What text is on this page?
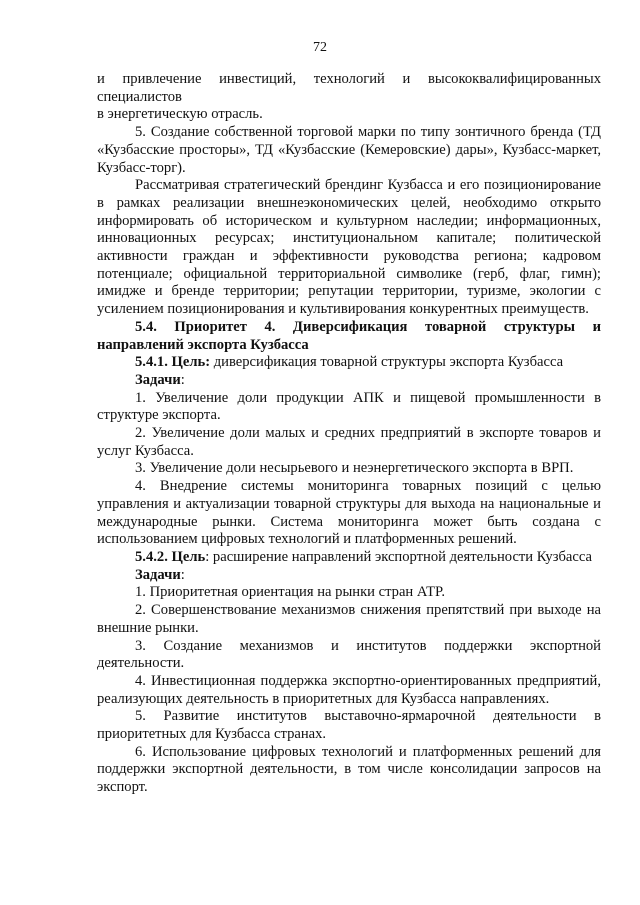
72

и привлечение инвестиций, технологий и высококвалифицированных

специалистов

в энергетическую отрасль.

5. Создание собственной торговой марки по типу зонтичного бренда (ТД «Кузбасские просторы», ТД «Кузбасские (Кемеровские) дары», Кузбасс-маркет, Кузбасс-торг).

Рассматривая стратегический брендинг Кузбасса и его позиционирование в рамках реализации внешнеэкономических целей, необходимо открыто информировать об историческом и культурном наследии; информационных, инновационных ресурсах; институциональном капитале; политической активности граждан и эффективности руководства региона; кадровом потенциале; официальной территориальной символике (герб, флаг, гимн); имидже и бренде территории; репутации территории, туризме, экологии с усилением позиционирования и культивирования конкурентных преимуществ.

5.4. Приоритет 4. Диверсификация товарной структуры и направлений экспорта Кузбасса

5.4.1. Цель: диверсификация товарной структуры экспорта Кузбасса

Задачи:

1. Увеличение доли продукции АПК и пищевой промышленности в структуре экспорта.

2. Увеличение доли малых и средних предприятий в экспорте товаров и услуг Кузбасса.

3. Увеличение доли несырьевого и неэнергетического экспорта в ВРП.

4. Внедрение системы мониторинга товарных позиций с целью управления и актуализации товарной структуры для выхода на национальные и международные рынки. Система мониторинга может быть создана с использованием цифровых технологий и платформенных решений.

5.4.2. Цель: расширение направлений экспортной деятельности Кузбасса

Задачи:

1. Приоритетная ориентация на рынки стран АТР.

2. Совершенствование механизмов снижения препятствий при выходе на внешние рынки.

3. Создание механизмов и институтов поддержки экспортной деятельности.

4. Инвестиционная поддержка экспортно-ориентированных предприятий, реализующих деятельность в приоритетных для Кузбасса направлениях.

5. Развитие институтов выставочно-ярмарочной деятельности в приоритетных для Кузбасса странах.

6. Использование цифровых технологий и платформенных решений для поддержки экспортной деятельности, в том числе консолидации запросов на экспорт.
